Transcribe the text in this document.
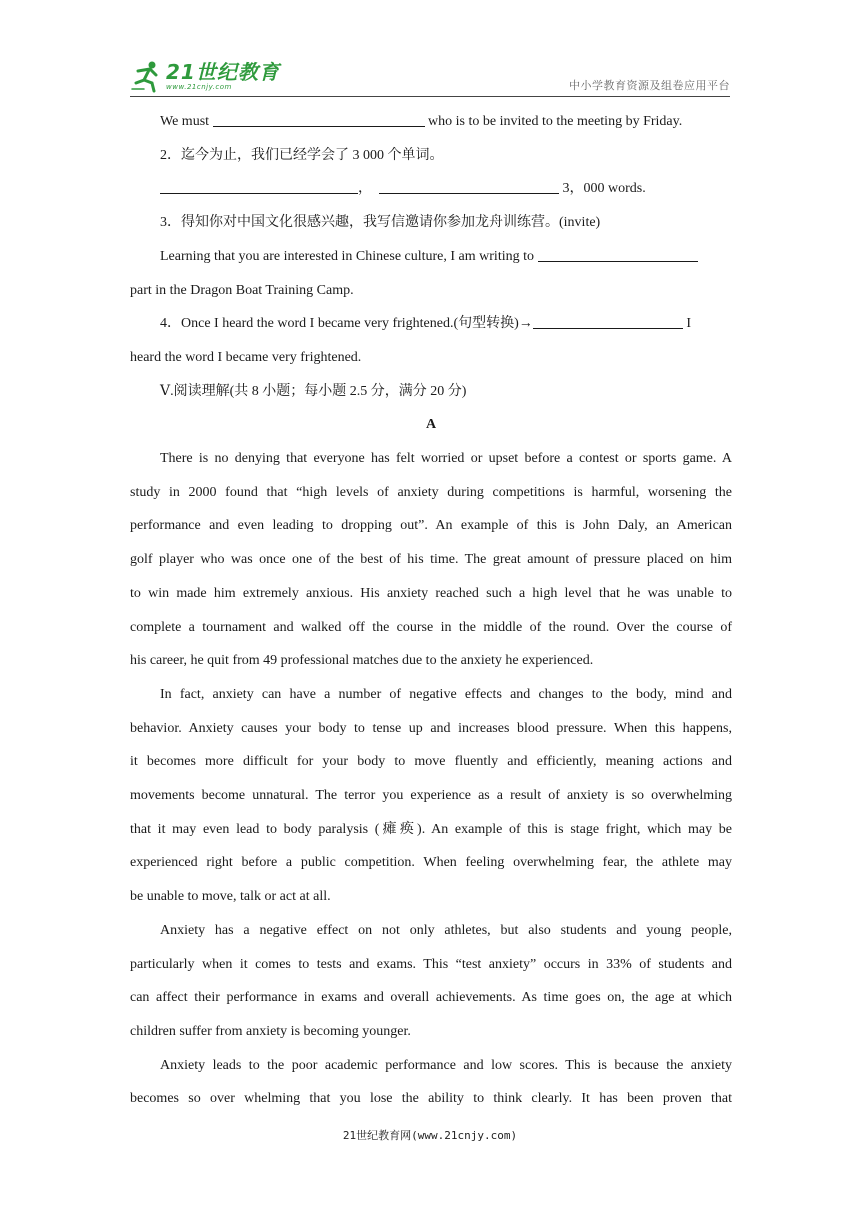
21世纪教育
www.21cnjy.com	中小学教育资源及组卷应用平台
We must	who is to be invited to the meeting by Friday.
2．迄今为止，我们已经学会了 3 000 个单词。
，	3，000 words.
3．得知你对中国文化很感兴趣，我写信邀请你参加龙舟训练营。(invite)
Learning that you are interested in Chinese culture, I am writing to
part in the Dragon Boat Training Camp.
4．Once I heard the word I became very frightened.(句型转换)→	I
heard the word I became very frightened.
Ⅴ.阅读理解(共 8 小题；每小题 2.5 分，满分 20 分)
A
There is no denying that everyone has felt worried or upset before a contest or sports game. A
study in 2000 found that “high levels of anxiety during competitions is harmful, worsening the
performance and even leading to dropping out”. An example of this is John Daly, an American
golf player who was once one of the best of his time. The great amount of pressure placed on him
to win made him extremely anxious. His anxiety reached such a high level that he was unable to
complete a tournament and walked off the course in the middle of the round. Over the course of
his career, he quit from 49 professional matches due to the anxiety he experienced.
In fact, anxiety can have a number of negative effects and changes to the body, mind and
behavior. Anxiety causes your body to tense up and increases blood pressure. When this happens,
it becomes more difficult for your body to move fluently and efficiently, meaning actions and
movements become unnatural. The terror you experience as a result of anxiety is so overwhelming
that it may even lead to body paralysis (瘫痪). An example of this is stage fright, which may be
experienced right before a public competition. When feeling overwhelming fear, the athlete may
be unable to move, talk or act at all.
Anxiety has a negative effect on not only athletes, but also students and young people,
particularly when it comes to tests and exams. This “test anxiety” occurs in 33% of students and
can affect their performance in exams and overall achievements. As time goes on, the age at which
children suffer from anxiety is becoming younger.
Anxiety leads to the poor academic performance and low scores. This is because the anxiety
becomes so over whelming that you lose the ability to think clearly. It has been proven that
21世纪教育网(www.21cnjy.com)
